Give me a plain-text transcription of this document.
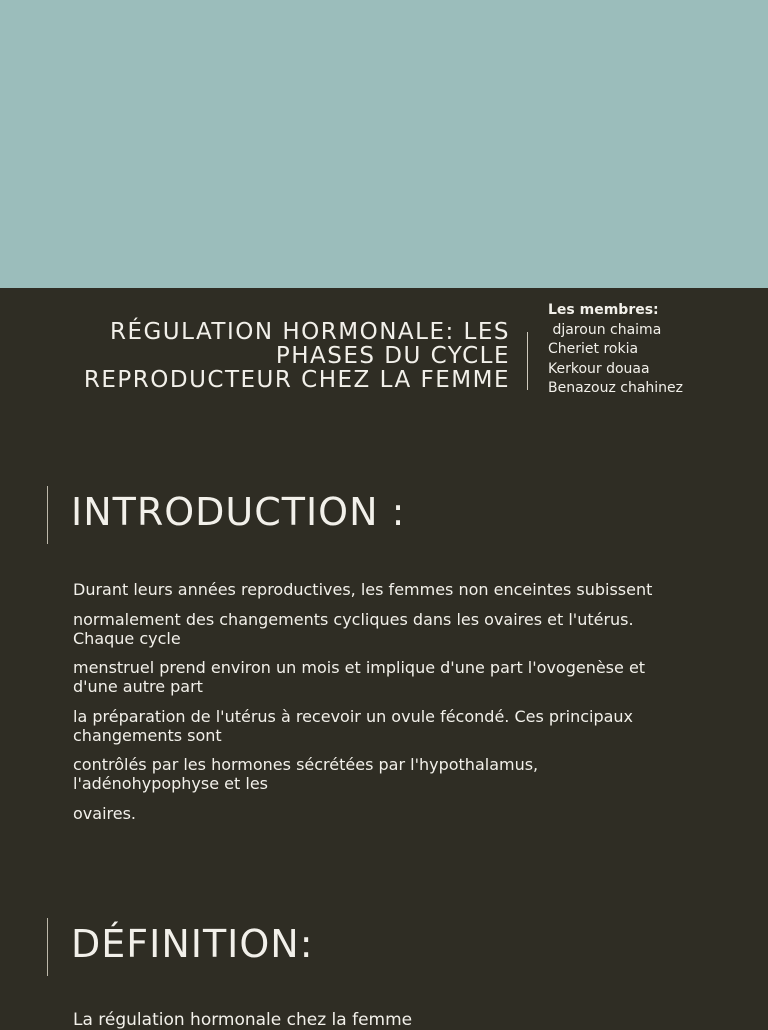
RÉGULATION HORMONALE: LES
PHASES DU CYCLE
REPRODUCTEUR CHEZ LA FEMME
Les membres:
djaroun chaima
Cheriet rokia
Kerkour douaa
Benazouz chahinez
INTRODUCTION :

Durant leurs années reproductives, les femmes non enceintes subissent

normalement des changements cycliques dans les ovaires et l'utérus. Chaque cycle

menstruel prend environ un mois et implique d'une part l'ovogenèse et d'une autre part

la préparation de l'utérus à recevoir un ovule fécondé. Ces principaux changements sont

contrôlés par les hormones sécrétées par l'hypothalamus, l'adénohypophyse et les

ovaires.

DÉFINITION:
La régulation hormonale chez la femme
